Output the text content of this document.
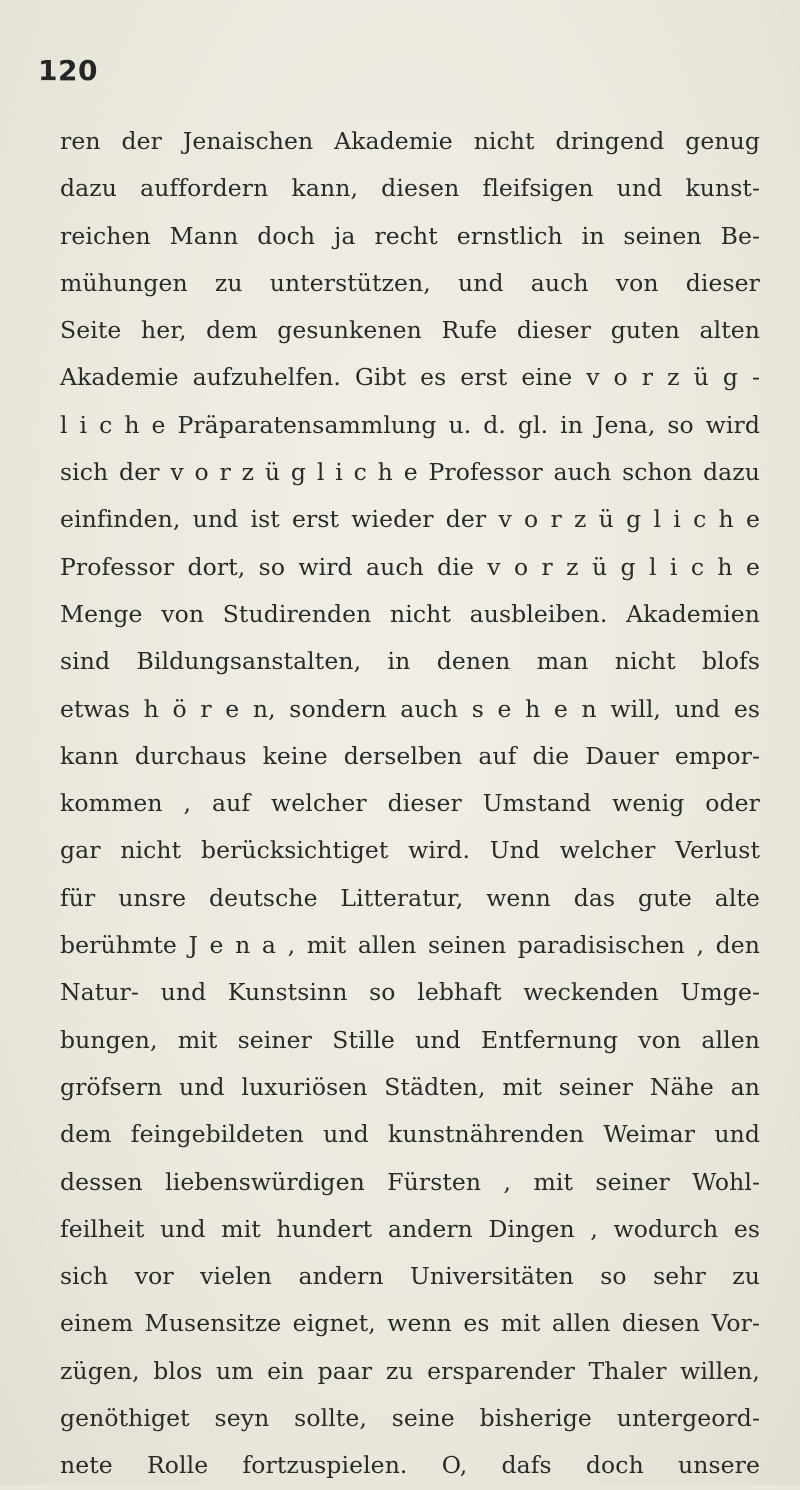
120
ren der Jenaischen Akademie nicht dringend genug
dazu auffordern kann, diesen fleifsigen und kunst-
reichen Mann doch ja recht ernstlich in seinen Be-
mühungen zu unterstützen, und auch von dieser
Seite her, dem gesunkenen Rufe dieser guten alten
Akademie aufzuhelfen. Gibt es erst eine v o r z ü g -
l i c h e Präparatensammlung u. d. gl. in Jena, so wird
sich der v o r z ü g l i c h e Professor auch schon dazu
einfinden, und ist erst wieder der v o r z ü g l i c h e
Professor dort, so wird auch die v o r z ü g l i c h e
Menge von Studirenden nicht ausbleiben. Akademien
sind Bildungsanstalten, in denen man nicht blofs
etwas h ö r e n, sondern auch s e h e n will, und es
kann durchaus keine derselben auf die Dauer empor-
kommen , auf welcher dieser Umstand wenig oder
gar nicht berücksichtiget wird. Und welcher Verlust
für unsre deutsche Litteratur, wenn das gute alte
berühmte J e n a , mit allen seinen paradisischen , den
Natur- und Kunstsinn so lebhaft weckenden Umge-
bungen, mit seiner Stille und Entfernung von allen
gröfsern und luxuriösen Städten, mit seiner Nähe an
dem feingebildeten und kunstnährenden Weimar und
dessen liebenswürdigen Fürsten , mit seiner Wohl-
feilheit und mit hundert andern Dingen , wodurch es
sich vor vielen andern Universitäten so sehr zu
einem Musensitze eignet, wenn es mit allen diesen Vor-
zügen, blos um ein paar zu ersparender Thaler willen,
genöthiget seyn sollte, seine bisherige untergeord-
nete Rolle fortzuspielen. O, dafs doch unsere
